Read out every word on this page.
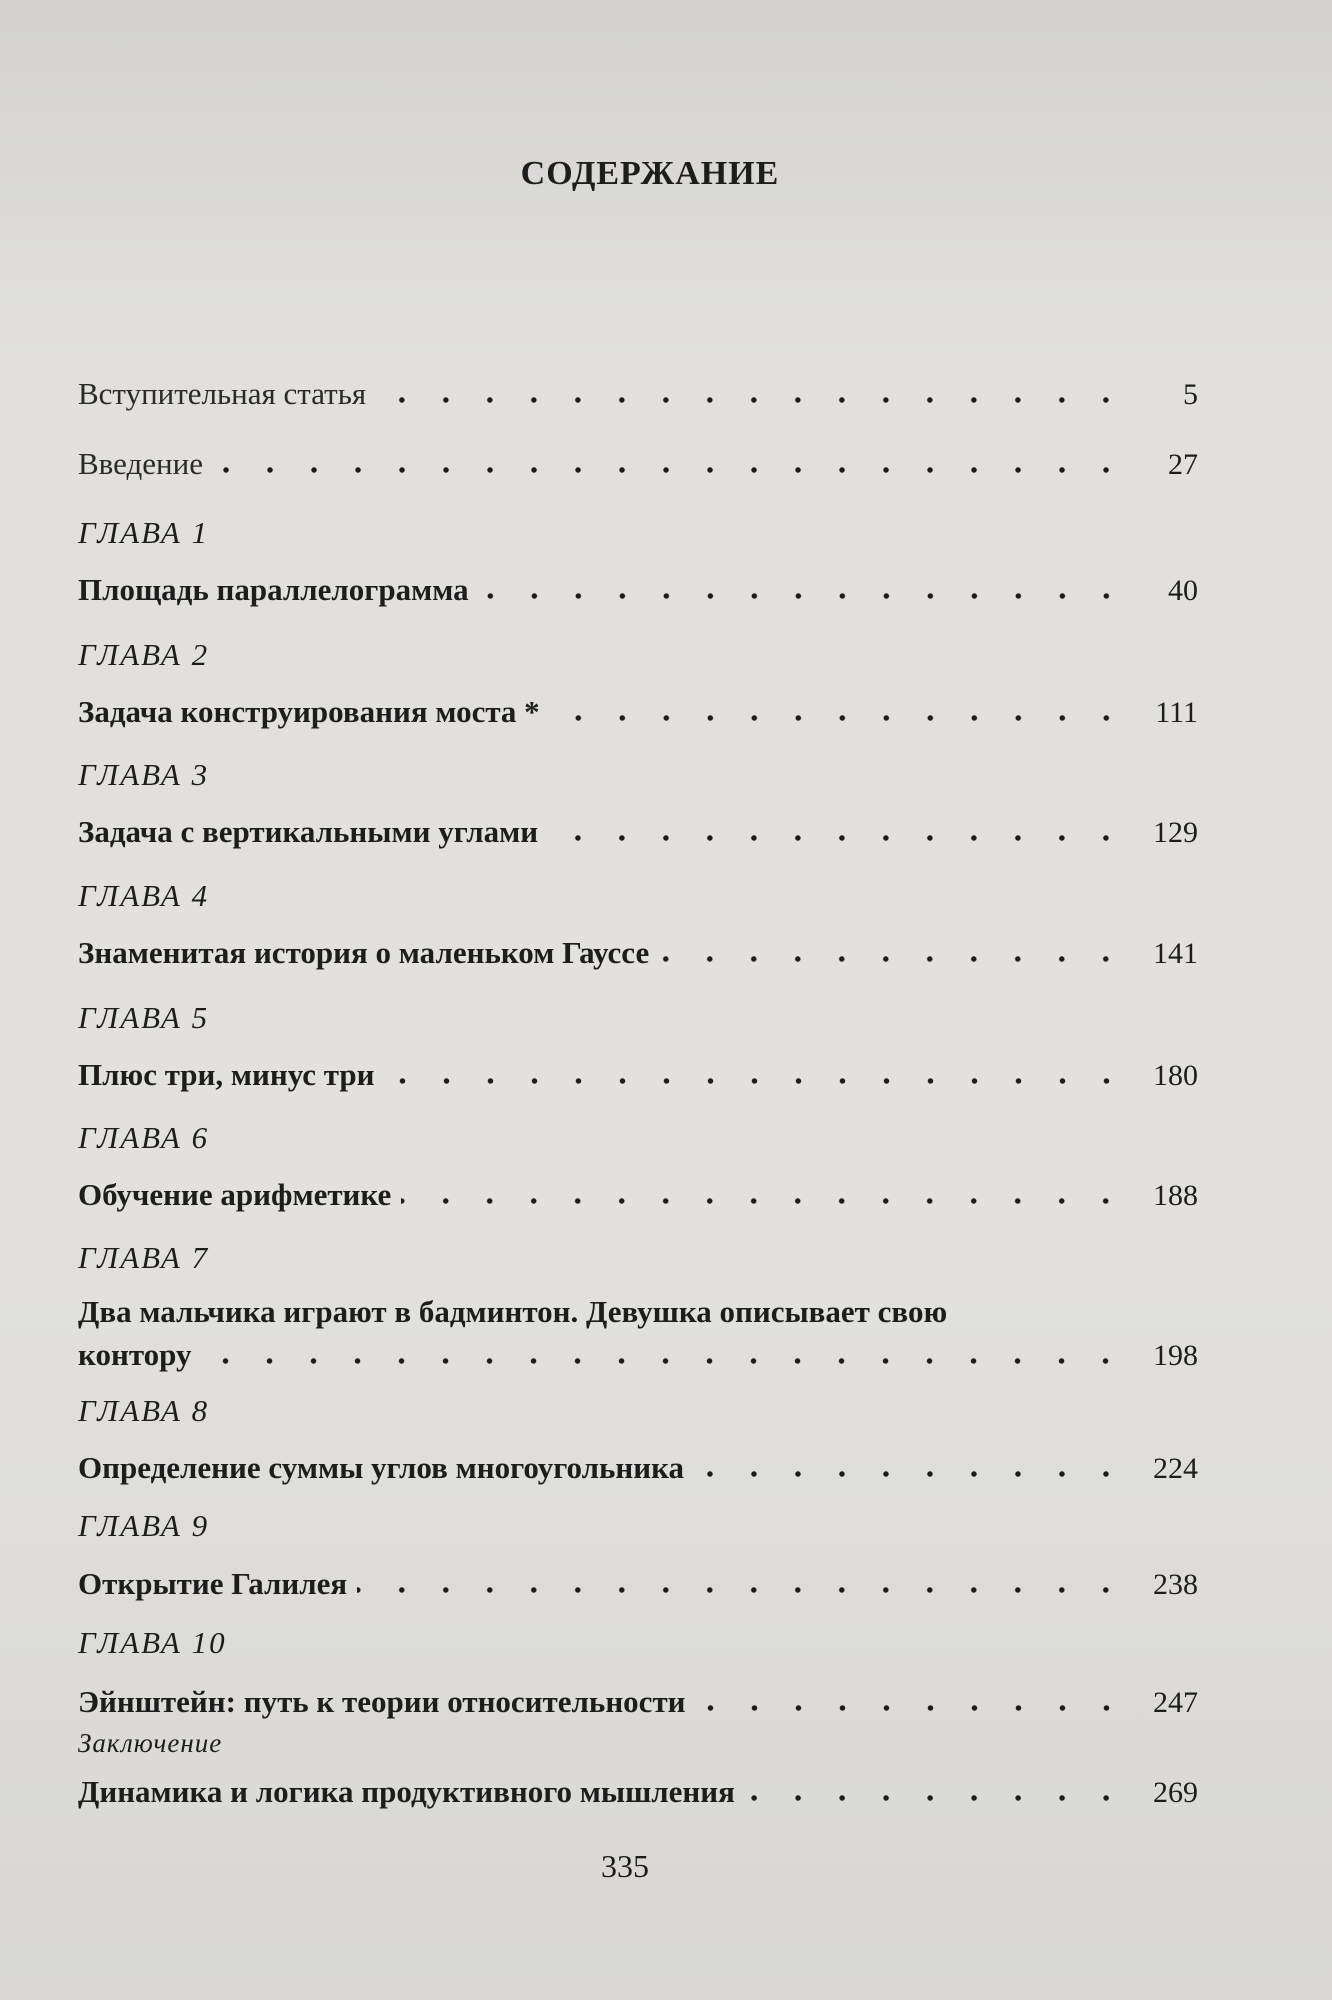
СОДЕРЖАНИЕ
Вступительная статья	5
Введение	27
ГЛАВА 1
Площадь параллелограмма	40
ГЛАВА 2
Задача конструирования моста *	111
ГЛАВА 3
Задача с вертикальными углами	129
ГЛАВА 4
Знаменитая история о маленьком Гауссе	141
ГЛАВА 5
Плюс три, минус три	180
ГЛАВА 6
Обучение арифметике	188
ГЛАВА 7
Два мальчика играют в бадминтон. Девушка описывает свою
контору	198
ГЛАВА 8
Определение суммы углов многоугольника	224
ГЛАВА 9
Открытие Галилея	238
ГЛАВА 10
Эйнштейн: путь к теории относительности	247
Заключение
Динамика и логика продуктивного мышления	269
335
